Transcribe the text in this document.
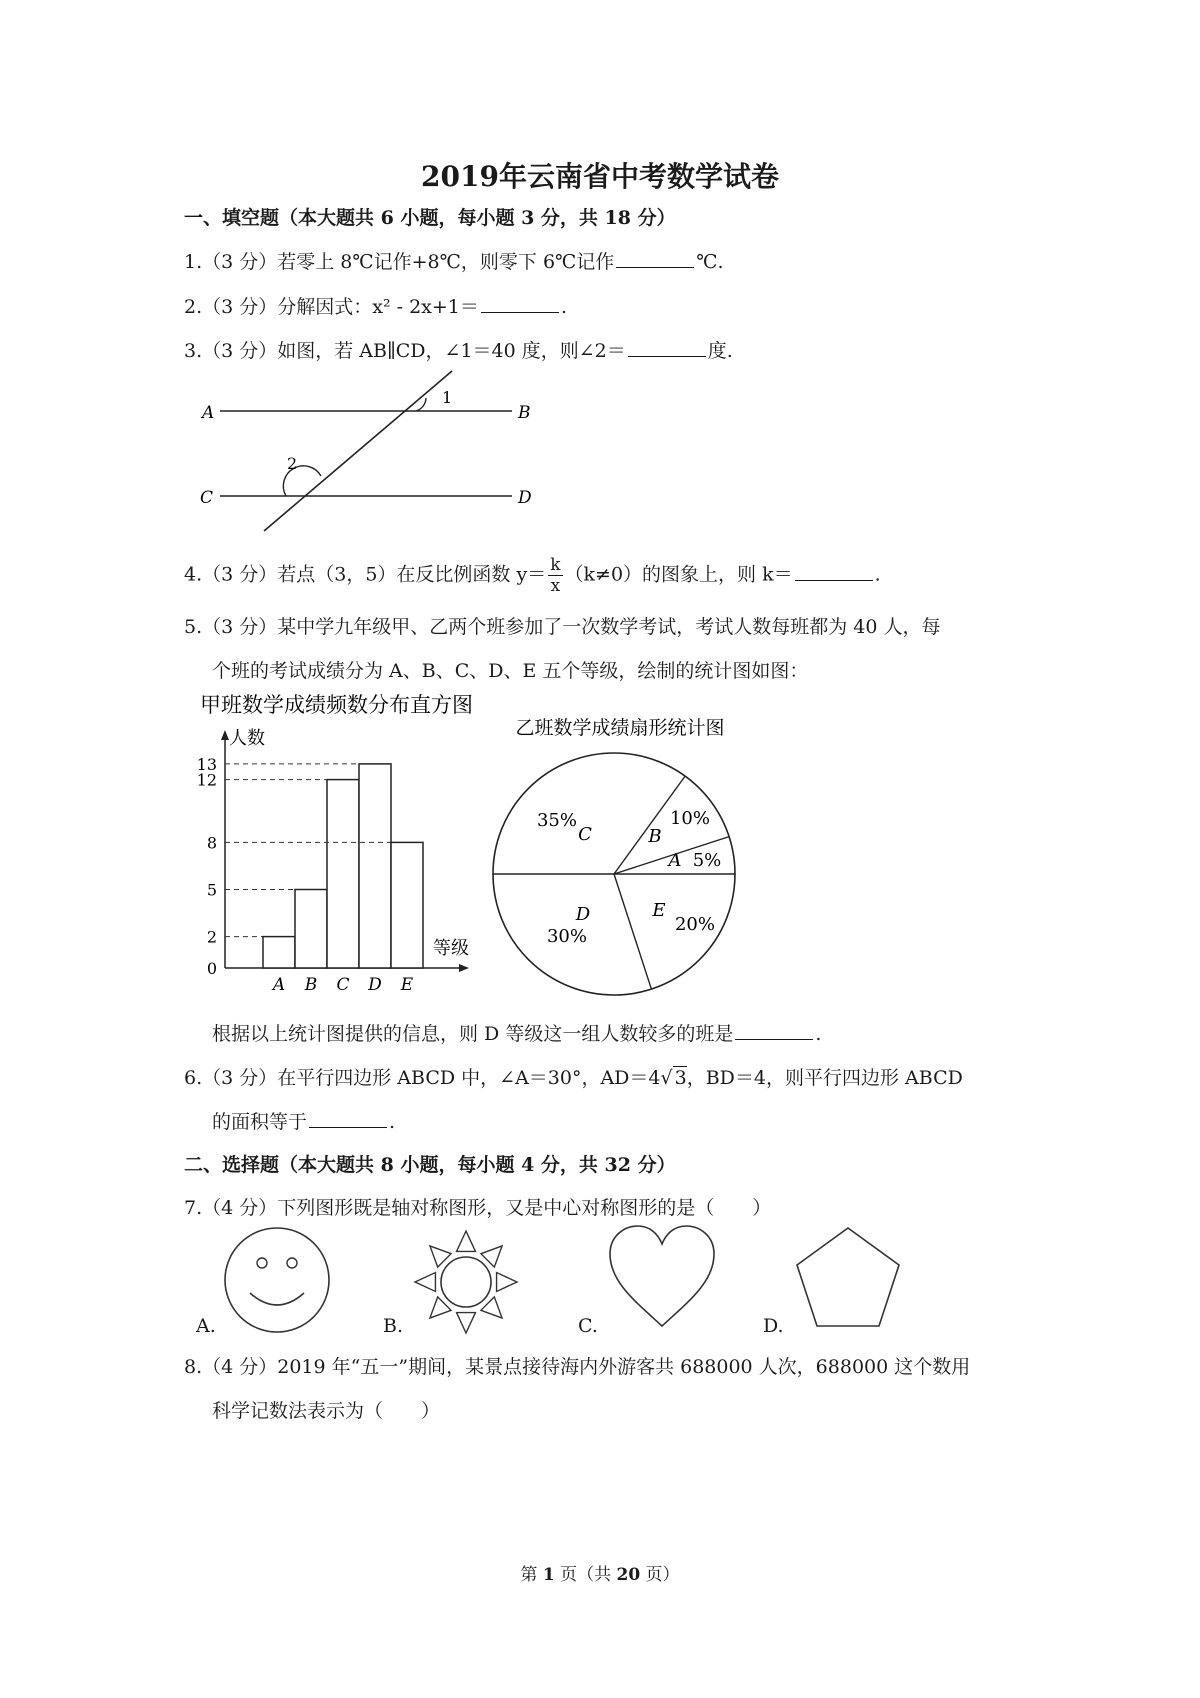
2019年云南省中考数学试卷
一、填空题（本大题共 6 小题，每小题 3 分，共 18 分）
1.（3 分）若零上 8℃记作+8℃，则零下 6℃记作	℃.
2.（3 分）分解因式：x² - 2x+1＝	.
3.（3 分）如图，若 AB∥CD，∠1＝40 度，则∠2＝	度.
A	B
C	D
1
2
4.（3 分）若点（3，5）在反比例函数 $y= \frac{k}{x} (k\ne 0)$的图象上，则 k＝	.
5.（3 分）某中学九年级甲、乙两个班参加了一次数学考试，考试人数每班都为 40 人，每
个班的考试成绩分为 A、B、C、D、E 五个等级，绘制的统计图如图：
甲班数学成绩频数分布直方图
0
2
5
8
12
13
A B C D E
人数
等级
乙班数学成绩扇形统计图
A 5%
B
10%
C
35%
D
30%
E
20%
根据以上统计图提供的信息，则 D 等级这一组人数较多的班是	.
6.（3 分）在平行四边形 ABCD 中，∠A＝30°，AD＝4√ 3，BD＝4，则平行四边形 ABCD
的面积等于	.
二、选择题（本大题共 8 小题，每小题 4 分，共 32 分）
7.（4 分）下列图形既是轴对称图形，又是中心对称图形的是（　　）
A.	B.	C.	D.
8.（4 分）2019 年“五一”期间，某景点接待海内外游客共 688000 人次，688000 这个数用
科学记数法表示为（　　）
第 1 页（共 20 页）
